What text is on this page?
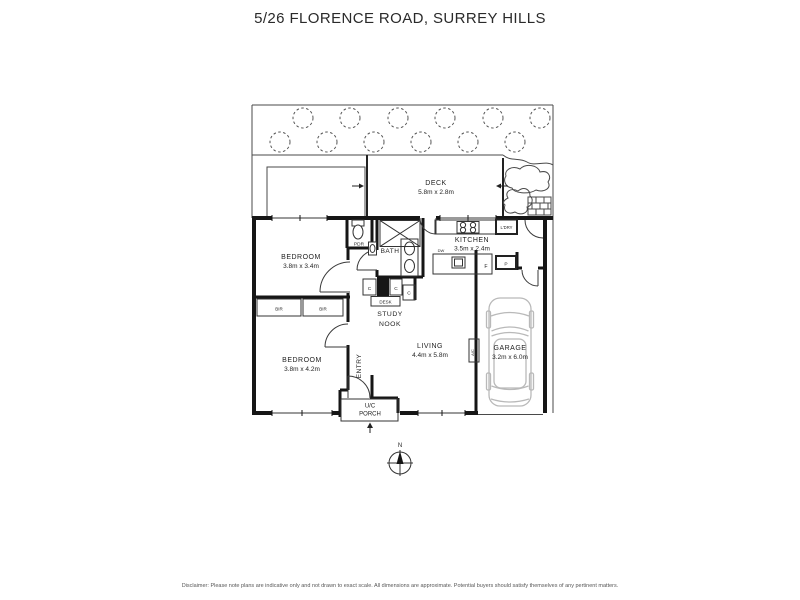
5/26 FLORENCE ROAD, SURREY HILLS
N
DECK
5.8m x 2.8m
BEDROOM
3.8m x 3.4m
BEDROOM
3.8m x 4.2m
KITCHEN
3.5m x 2.4m
LIVING
4.4m x 5.8m
GARAGE
3.2m x 6.0m
BATH
PDR
L'DRY
STUDY
NOOK
ENTRY
U/C
PORCH
BIR	BIR
DESK
C	C
C
DW
F	P
A/C
Disclaimer: Please note plans are indicative only and not drawn to exact scale. All dimensions are approximate. Potential buyers should satisfy themselves of any pertinent matters.
